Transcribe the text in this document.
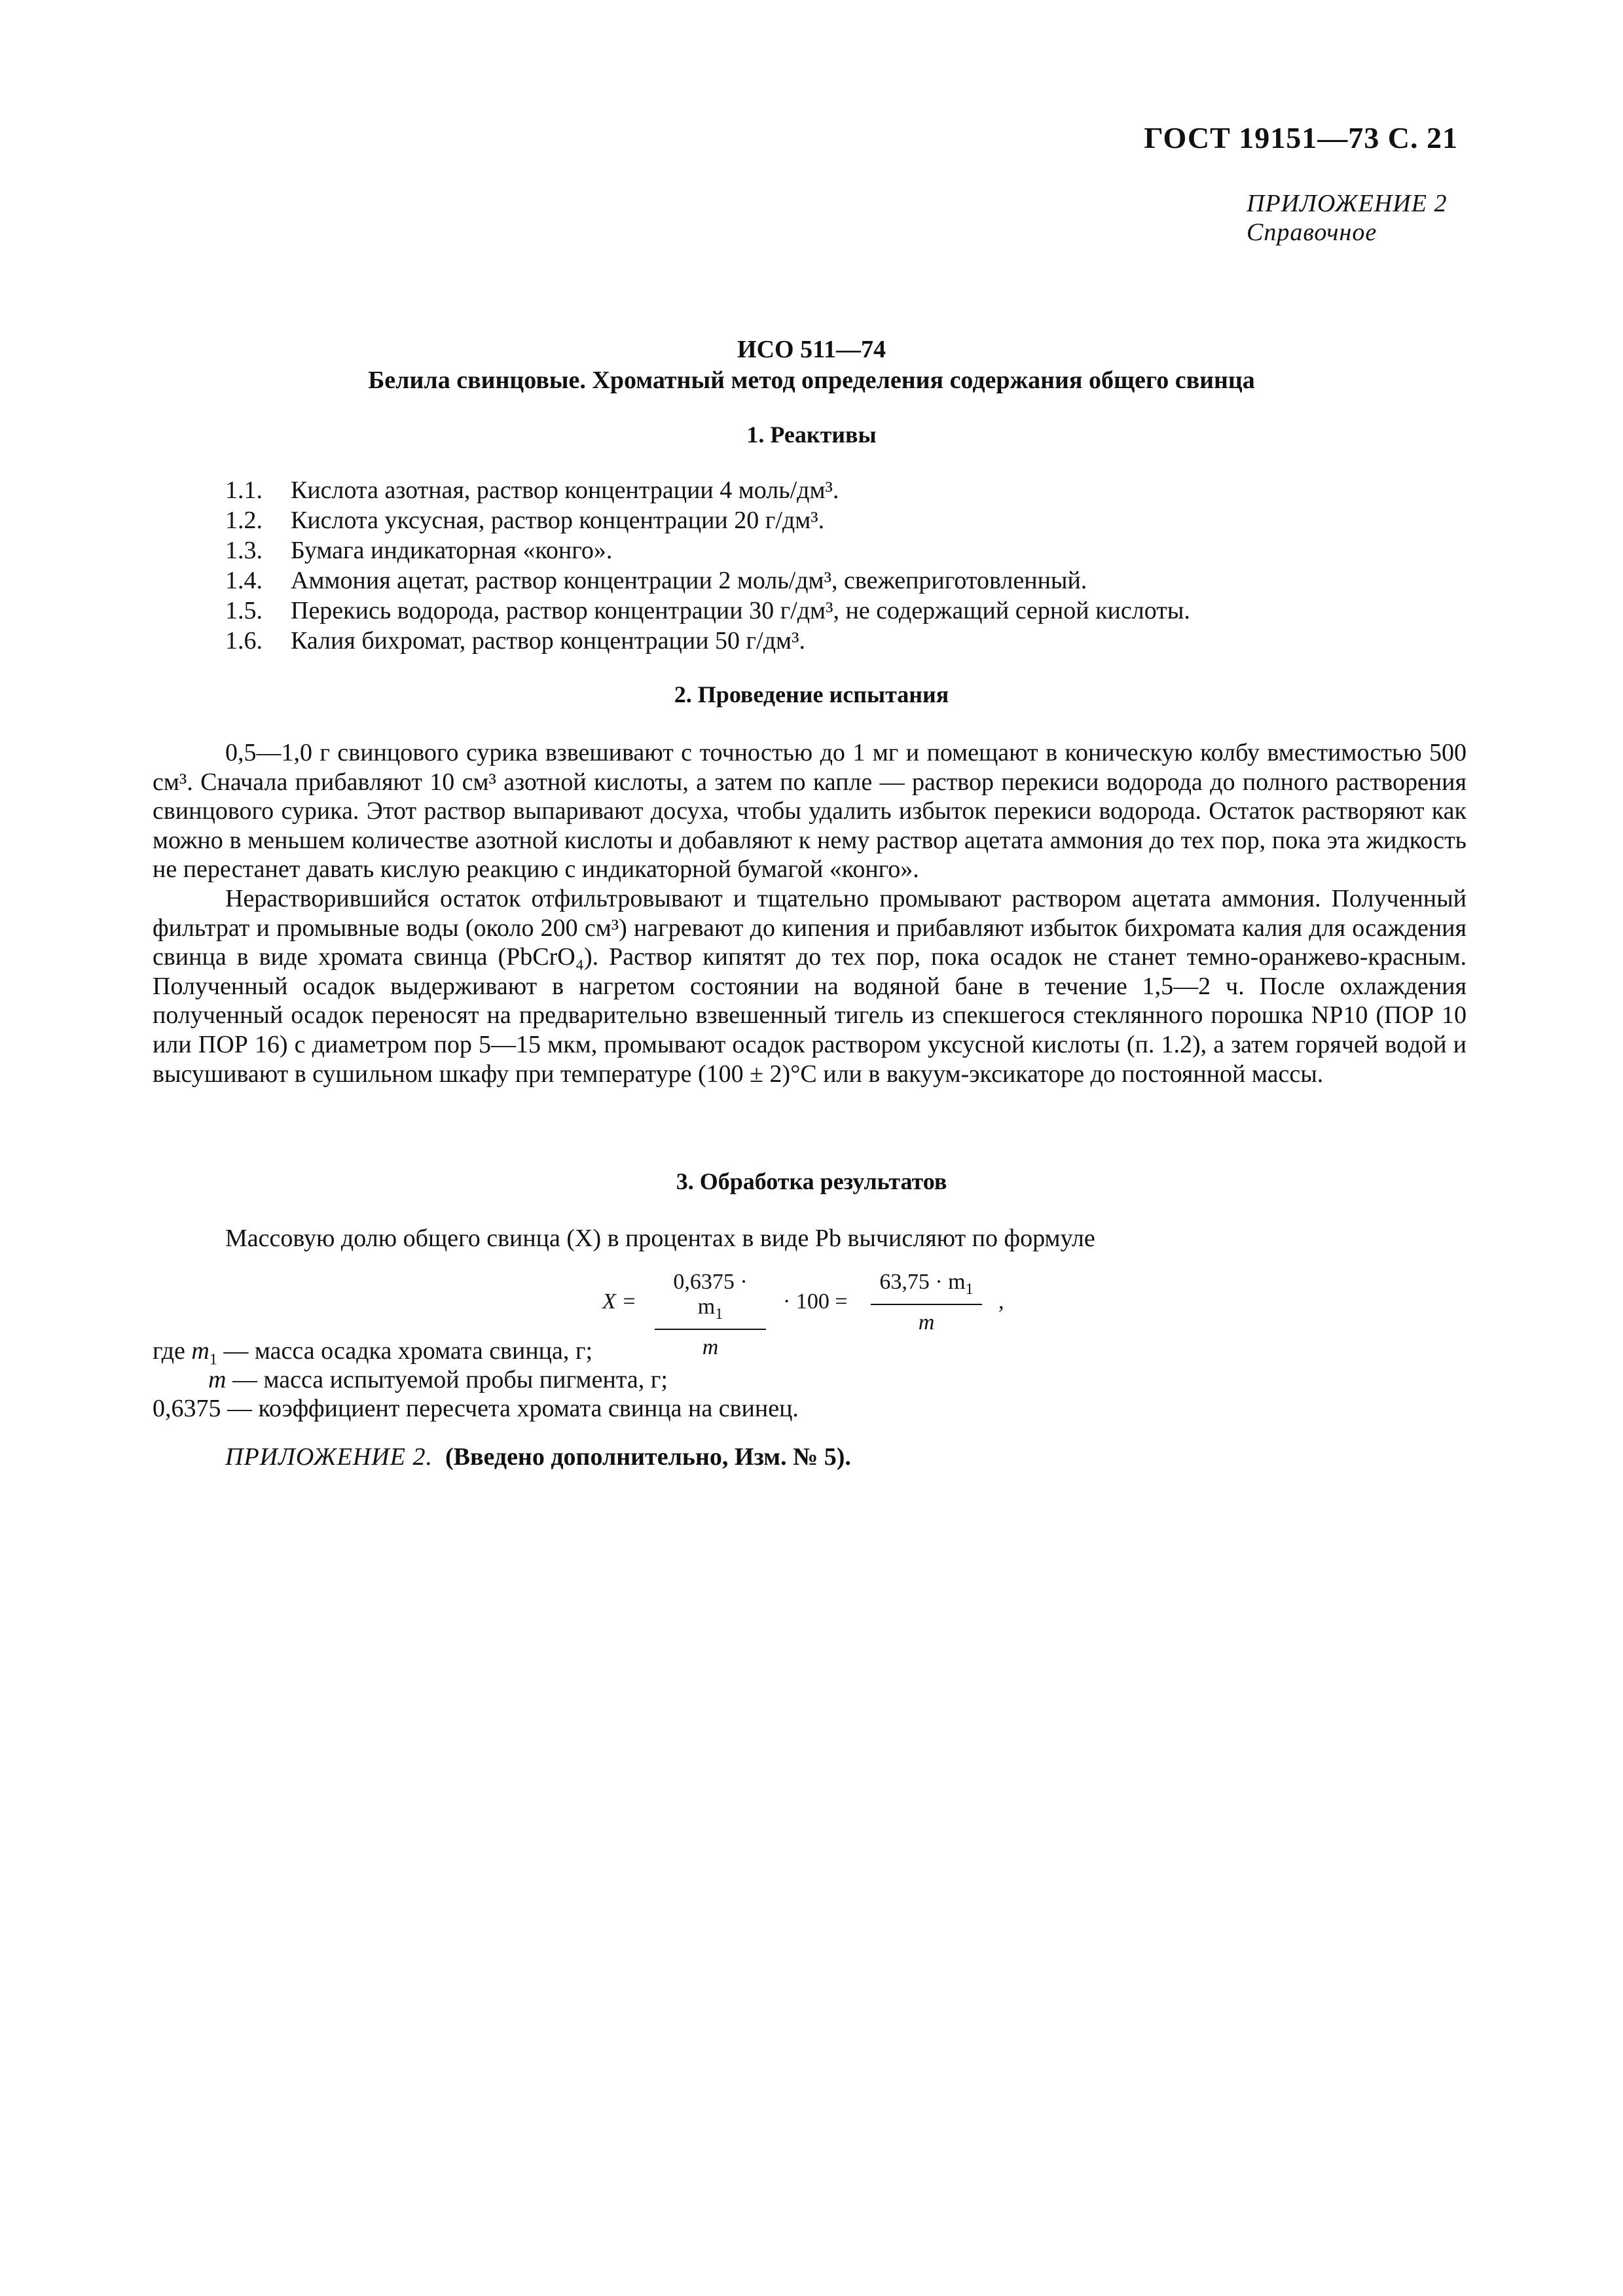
ГОСТ 19151—73 С. 21
ПРИЛОЖЕНИЕ 2
Справочное
ИСО 511—74
Белила свинцовые. Хроматный метод определения содержания общего свинца
1. Реактивы
1.1. Кислота азотная, раствор концентрации 4 моль/дм³.
1.2. Кислота уксусная, раствор концентрации 20 г/дм³.
1.3. Бумага индикаторная «конго».
1.4. Аммония ацетат, раствор концентрации 2 моль/дм³, свежеприготовленный.
1.5. Перекись водорода, раствор концентрации 30 г/дм³, не содержащий серной кислоты.
1.6. Калия бихромат, раствор концентрации 50 г/дм³.
2. Проведение испытания

0,5—1,0 г свинцового сурика взвешивают с точностью до 1 мг и помещают в коническую колбу вместимостью 500 см³. Сначала прибавляют 10 см³ азотной кислоты, а затем по капле — раствор перекиси водорода до полного растворения свинцового сурика. Этот раствор выпаривают досуха, чтобы удалить избыток перекиси водорода. Остаток растворяют как можно в меньшем количестве азотной кислоты и добавляют к нему раствор ацетата аммония до тех пор, пока эта жидкость не перестанет давать кислую реакцию с индикаторной бумагой «конго».

Нерастворившийся остаток отфильтровывают и тщательно промывают раствором ацетата аммония. Полученный фильтрат и промывные воды (около 200 см³) нагревают до кипения и прибавляют избыток бихромата калия для осаждения свинца в виде хромата свинца (PbCrO₄). Раствор кипятят до тех пор, пока осадок не станет темно-оранжево-красным. Полученный осадок выдерживают в нагретом состоянии на водяной бане в течение 1,5—2 ч. После охлаждения полученный осадок переносят на предварительно взвешенный тигель из спекшегося стеклянного порошка NP10 (ПОР 10 или ПОР 16) с диаметром пор 5—15 мкм, промывают осадок раствором уксусной кислоты (п. 1.2), а затем горячей водой и высушивают в сушильном шкафу при температуре (100 ± 2)°С или в вакуум-эксикаторе до постоянной массы.

3. Обработка результатов

Массовую долю общего свинца (X) в процентах в виде Pb вычисляют по формуле

X =
$0,6375 \cdot m_1$
m
· 100 =
$63,75 \cdot m_1$
m
,
где $m_1$ — масса осадка хромата свинца, г;
m — масса испытуемой пробы пигмента, г;
0,6375 — коэффициент пересчета хромата свинца на свинец.
ПРИЛОЖЕНИЕ 2. (Введено дополнительно, Изм. № 5).
